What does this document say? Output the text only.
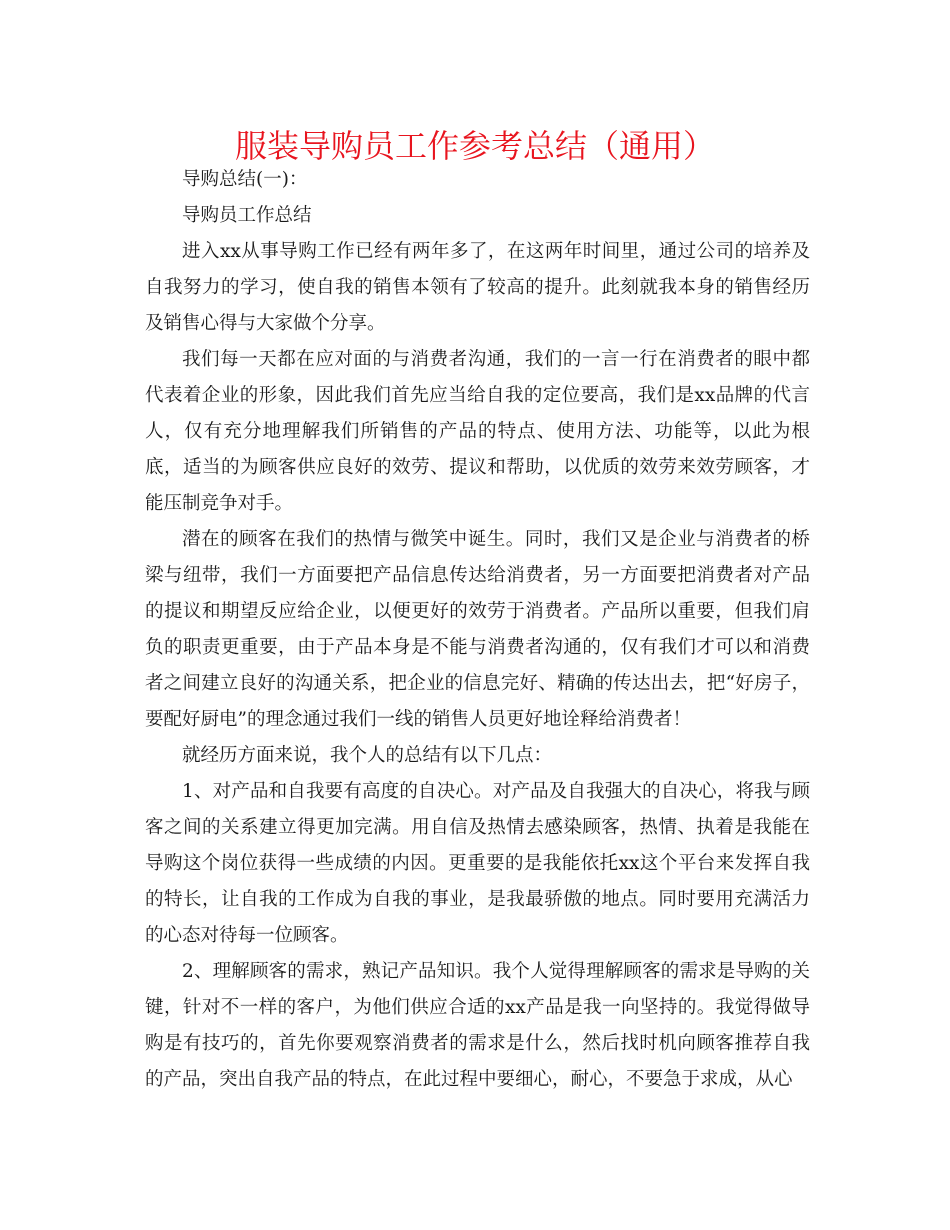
服装导购员工作参考总结（通用）

导购总结(一)：

导购员工作总结

进入xx从事导购工作已经有两年多了，在这两年时间里，通过公司的培养及自我努力的学习，使自我的销售本领有了较高的提升。此刻就我本身的销售经历及销售心得与大家做个分享。

我们每一天都在应对面的与消费者沟通，我们的一言一行在消费者的眼中都代表着企业的形象，因此我们首先应当给自我的定位要高，我们是xx品牌的代言人，仅有充分地理解我们所销售的产品的特点、使用方法、功能等，以此为根底，适当的为顾客供应良好的效劳、提议和帮助，以优质的效劳来效劳顾客，才能压制竞争对手。

潜在的顾客在我们的热情与微笑中诞生。同时，我们又是企业与消费者的桥梁与纽带，我们一方面要把产品信息传达给消费者，另一方面要把消费者对产品的提议和期望反应给企业，以便更好的效劳于消费者。产品所以重要，但我们肩负的职责更重要，由于产品本身是不能与消费者沟通的，仅有我们才可以和消费者之间建立良好的沟通关系，把企业的信息完好、精确的传达出去，把“好房子，要配好厨电”的理念通过我们一线的销售人员更好地诠释给消费者！

就经历方面来说，我个人的总结有以下几点：

1、对产品和自我要有高度的自决心。对产品及自我强大的自决心，将我与顾客之间的关系建立得更加完满。用自信及热情去感染顾客，热情、执着是我能在导购这个岗位获得一些成绩的内因。更重要的是我能依托xx这个平台来发挥自我的特长，让自我的工作成为自我的事业，是我最骄傲的地点。同时要用充满活力的心态对待每一位顾客。

2、理解顾客的需求，熟记产品知识。我个人觉得理解顾客的需求是导购的关键，针对不一样的客户，为他们供应合适的xx产品是我一向坚持的。我觉得做导购是有技巧的，首先你要观察消费者的需求是什么，然后找时机向顾客推荐自我的产品，突出自我产品的特点，在此过程中要细心，耐心，不要急于求成，从心
